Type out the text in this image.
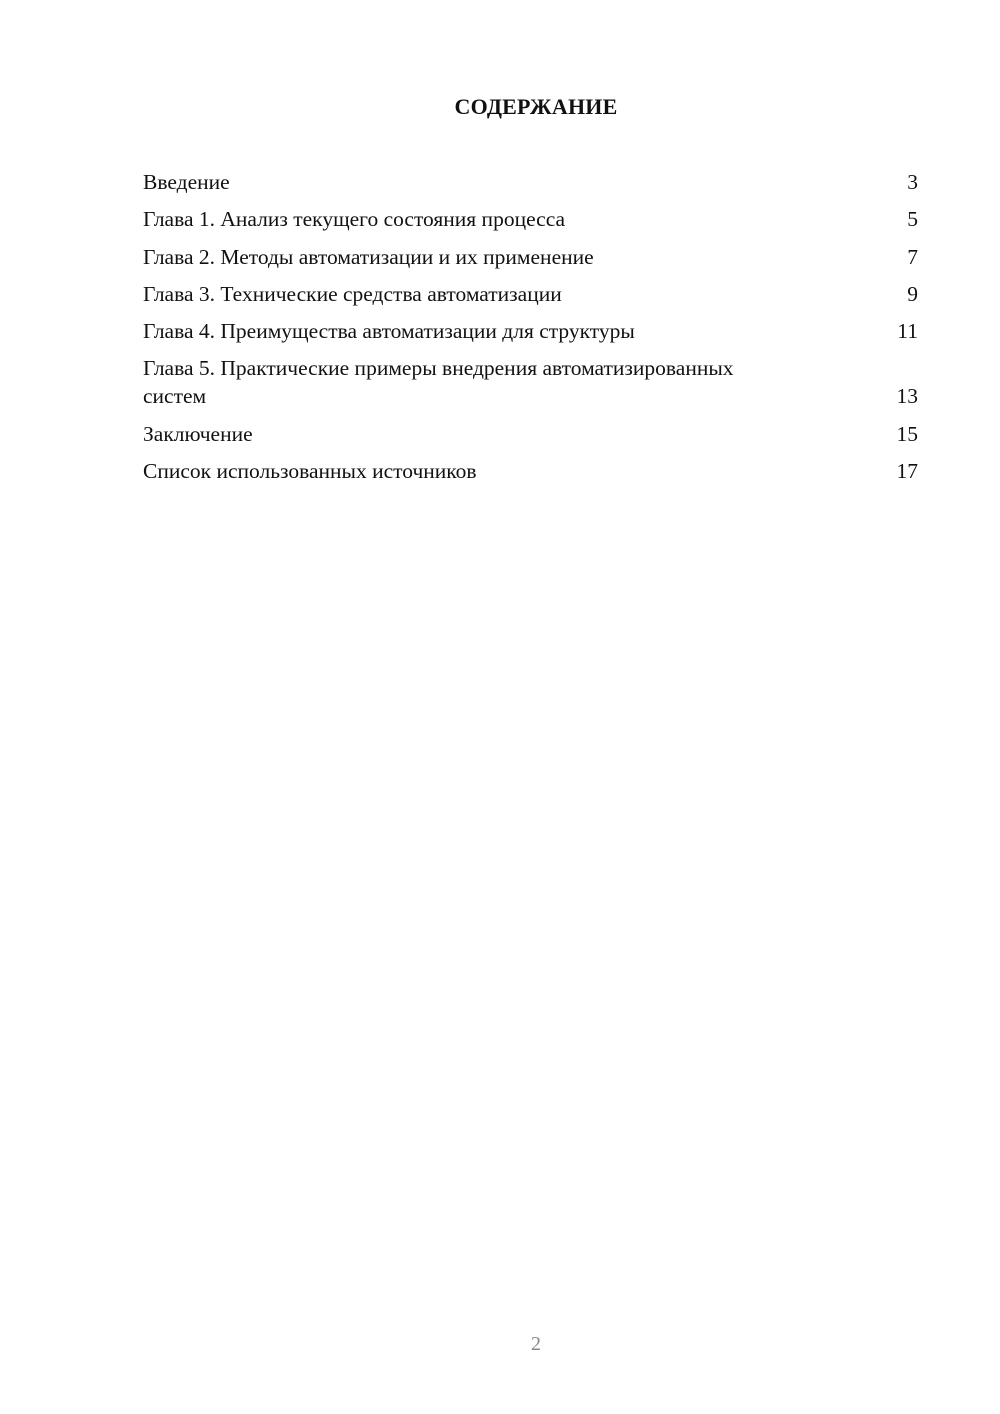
СОДЕРЖАНИЕ
Введение	3
Глава 1. Анализ текущего состояния процесса	5
Глава 2. Методы автоматизации и их применение	7
Глава 3. Технические средства автоматизации	9
Глава 4. Преимущества автоматизации для структуры	11
Глава 5. Практические примеры внедрения автоматизированных систем	13
Заключение	15
Список использованных источников	17
2
